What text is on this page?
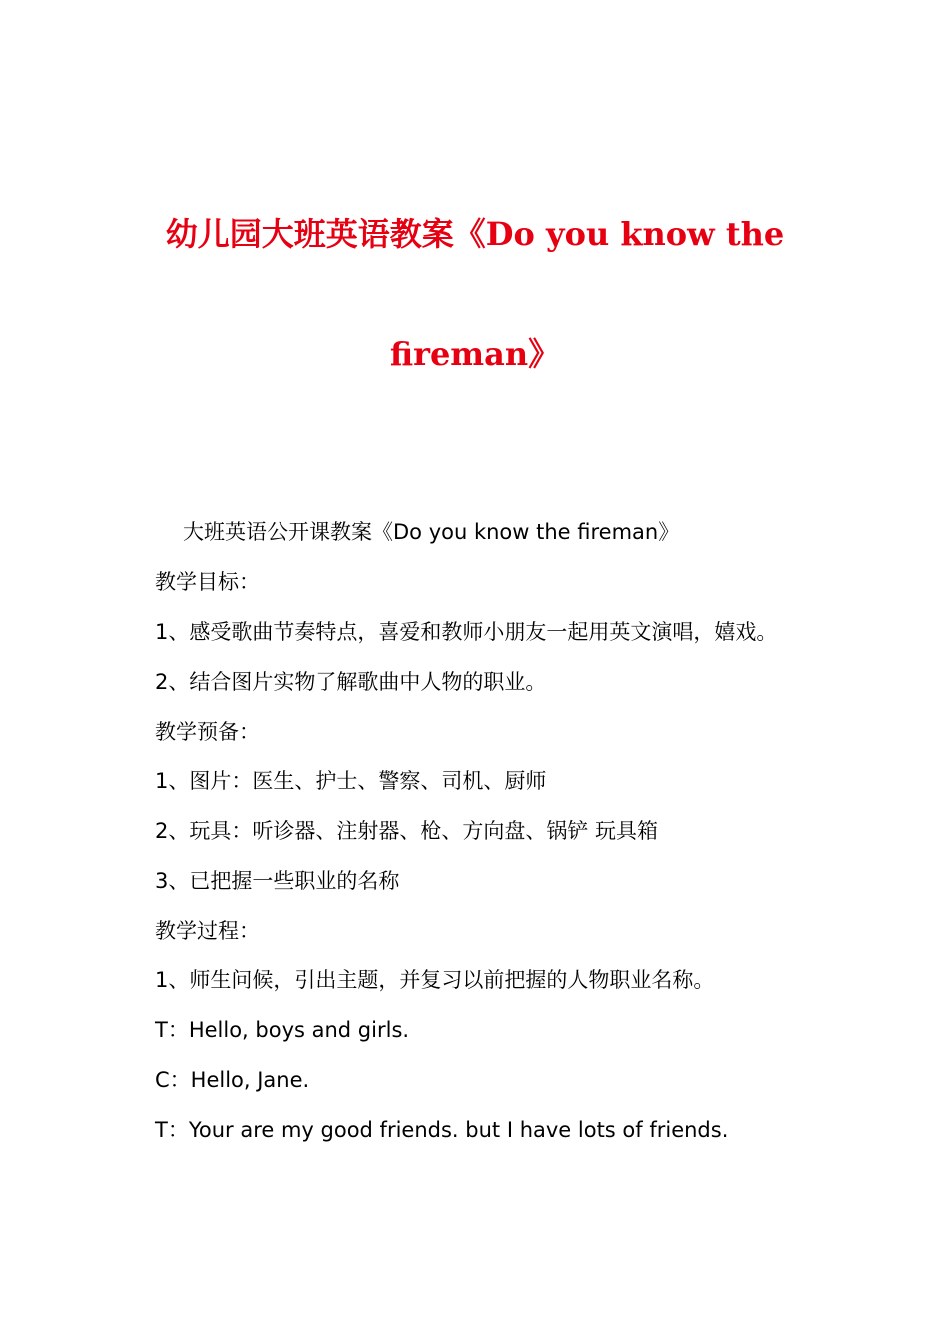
幼儿园大班英语教案《Do you know the
fireman》

大班英语公开课教案《Do you know the fireman》

教学目标：

1、感受歌曲节奏特点，喜爱和教师小朋友一起用英文演唱，嬉戏。

2、结合图片实物了解歌曲中人物的职业。

教学预备：

1、图片：医生、护士、警察、司机、厨师

2、玩具：听诊器、注射器、枪、方向盘、锅铲 玩具箱

3、已把握一些职业的名称

教学过程：

1、师生问候，引出主题，并复习以前把握的人物职业名称。

T：Hello, boys and girls.

C：Hello, Jane.

T：Your are my good friends. but I have lots of friends.
